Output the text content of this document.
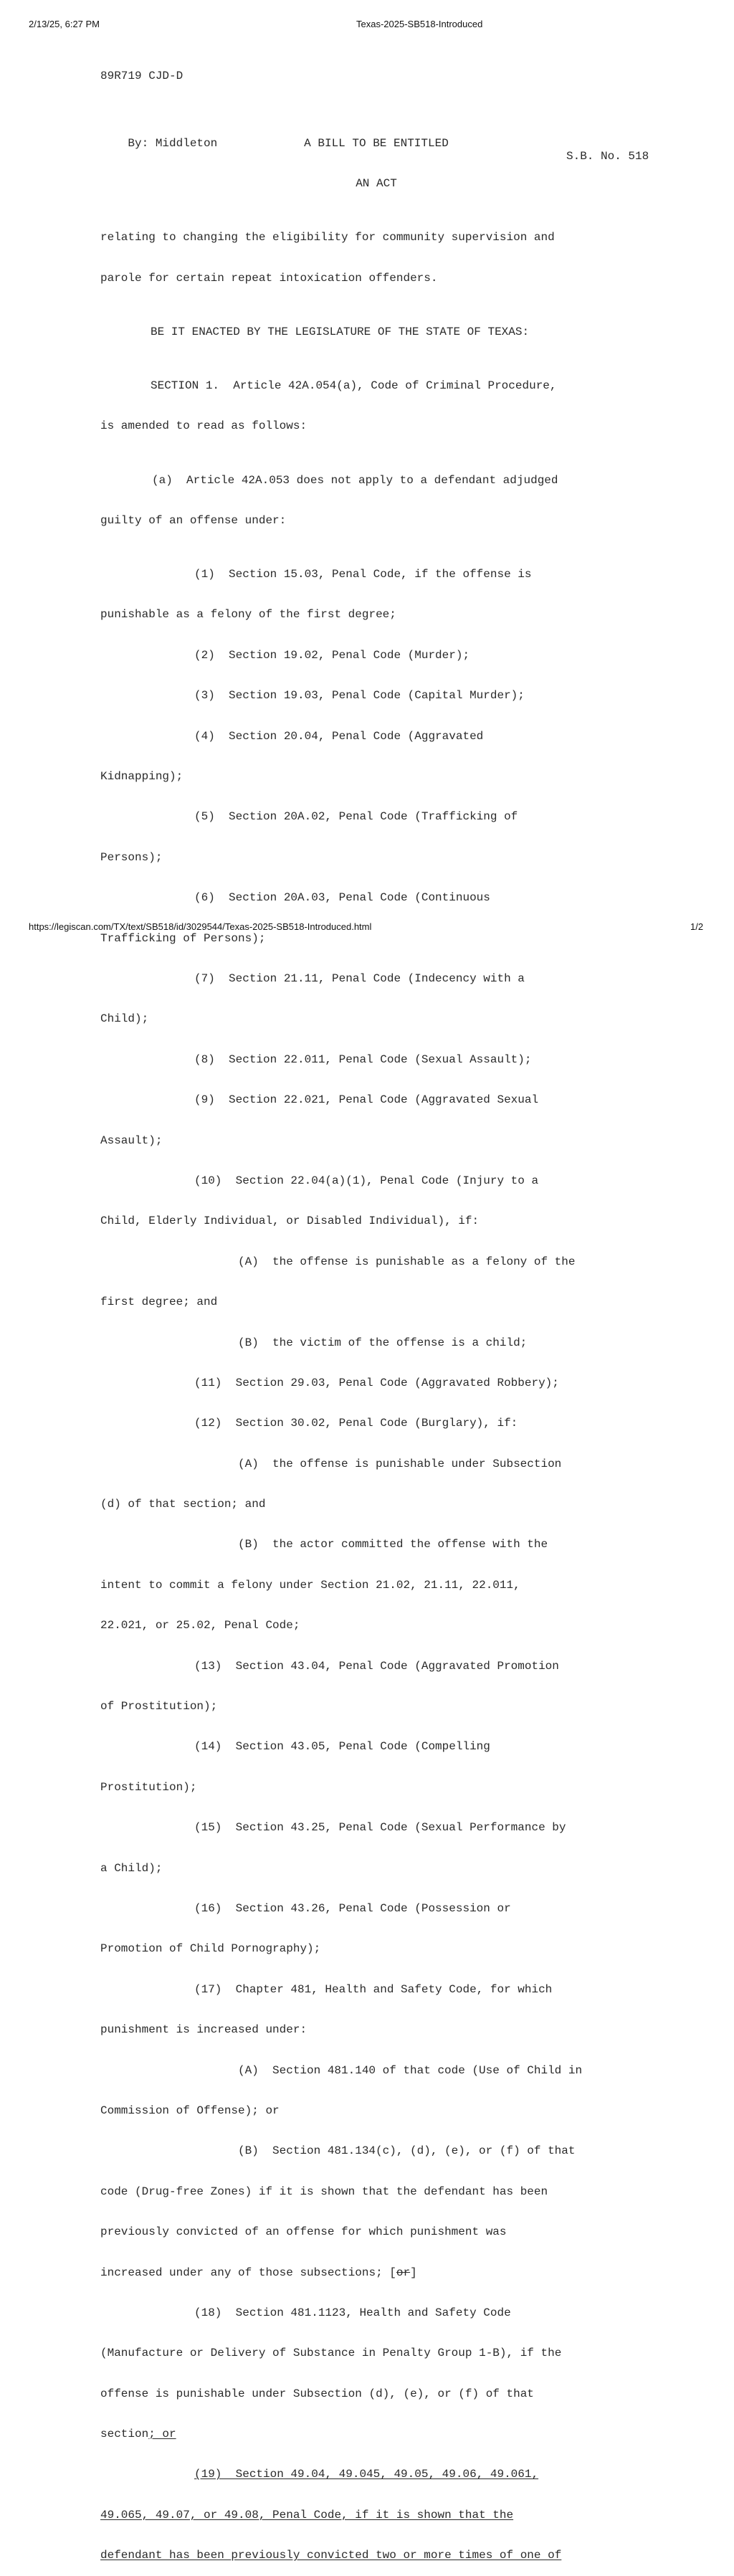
2/13/25, 6:27 PM	Texas-2025-SB518-Introduced

89R719 CJD-D

By: Middleton

S.B. No. 518

A BILL TO BE ENTITLED

AN ACT

relating to changing the eligibility for community supervision and

parole for certain repeat intoxication offenders.

BE IT ENACTED BY THE LEGISLATURE OF THE STATE OF TEXAS:

SECTION 1.  Article 42A.054(a), Code of Criminal Procedure,

is amended to read as follows:

(a)  Article 42A.053 does not apply to a defendant adjudged

guilty of an offense under:

(1)  Section 15.03, Penal Code, if the offense is

punishable as a felony of the first degree;

(2)  Section 19.02, Penal Code (Murder);

(3)  Section 19.03, Penal Code (Capital Murder);

(4)  Section 20.04, Penal Code (Aggravated

Kidnapping);

(5)  Section 20A.02, Penal Code (Trafficking of

Persons);

(6)  Section 20A.03, Penal Code (Continuous

Trafficking of Persons);

(7)  Section 21.11, Penal Code (Indecency with a

Child);

(8)  Section 22.011, Penal Code (Sexual Assault);

(9)  Section 22.021, Penal Code (Aggravated Sexual

Assault);

(10)  Section 22.04(a)(1), Penal Code (Injury to a

Child, Elderly Individual, or Disabled Individual), if:

(A)  the offense is punishable as a felony of the

first degree; and

(B)  the victim of the offense is a child;

(11)  Section 29.03, Penal Code (Aggravated Robbery);

(12)  Section 30.02, Penal Code (Burglary), if:

(A)  the offense is punishable under Subsection

(d) of that section; and

(B)  the actor committed the offense with the

intent to commit a felony under Section 21.02, 21.11, 22.011,

22.021, or 25.02, Penal Code;

(13)  Section 43.04, Penal Code (Aggravated Promotion

of Prostitution);

(14)  Section 43.05, Penal Code (Compelling

Prostitution);

(15)  Section 43.25, Penal Code (Sexual Performance by

a Child);

(16)  Section 43.26, Penal Code (Possession or

Promotion of Child Pornography);

(17)  Chapter 481, Health and Safety Code, for which

punishment is increased under:

(A)  Section 481.140 of that code (Use of Child in

Commission of Offense); or

(B)  Section 481.134(c), (d), (e), or (f) of that

code (Drug-free Zones) if it is shown that the defendant has been

previously convicted of an offense for which punishment was

increased under any of those subsections; [or]

(18)  Section 481.1123, Health and Safety Code

(Manufacture or Delivery of Substance in Penalty Group 1-B), if the

offense is punishable under Subsection (d), (e), or (f) of that

section; or

(19)  Section 49.04, 49.045, 49.05, 49.06, 49.061,

49.065, 49.07, or 49.08, Penal Code, if it is shown that the

defendant has been previously convicted two or more times of one of

https://legiscan.com/TX/text/SB518/id/3029544/Texas-2025-SB518-Introduced.html	1/2
